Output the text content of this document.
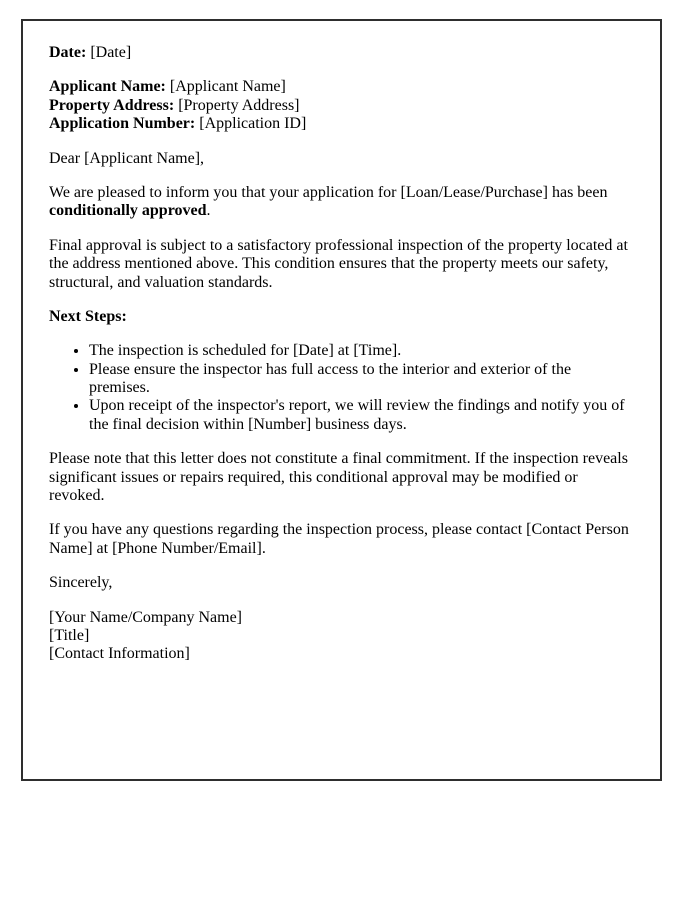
Date: [Date]

Applicant Name: [Applicant Name]
Property Address: [Property Address]
Application Number: [Application ID]

Dear [Applicant Name],

We are pleased to inform you that your application for [Loan/Lease/Purchase] has been conditionally approved.

Final approval is subject to a satisfactory professional inspection of the property located at the address mentioned above. This condition ensures that the property meets our safety, structural, and valuation standards.

Next Steps:

• The inspection is scheduled for [Date] at [Time].
• Please ensure the inspector has full access to the interior and exterior of the premises.
• Upon receipt of the inspector's report, we will review the findings and notify you of the final decision within [Number] business days.

Please note that this letter does not constitute a final commitment. If the inspection reveals significant issues or repairs required, this conditional approval may be modified or revoked.

If you have any questions regarding the inspection process, please contact [Contact Person Name] at [Phone Number/Email].

Sincerely,

[Your Name/Company Name]
[Title]
[Contact Information]
